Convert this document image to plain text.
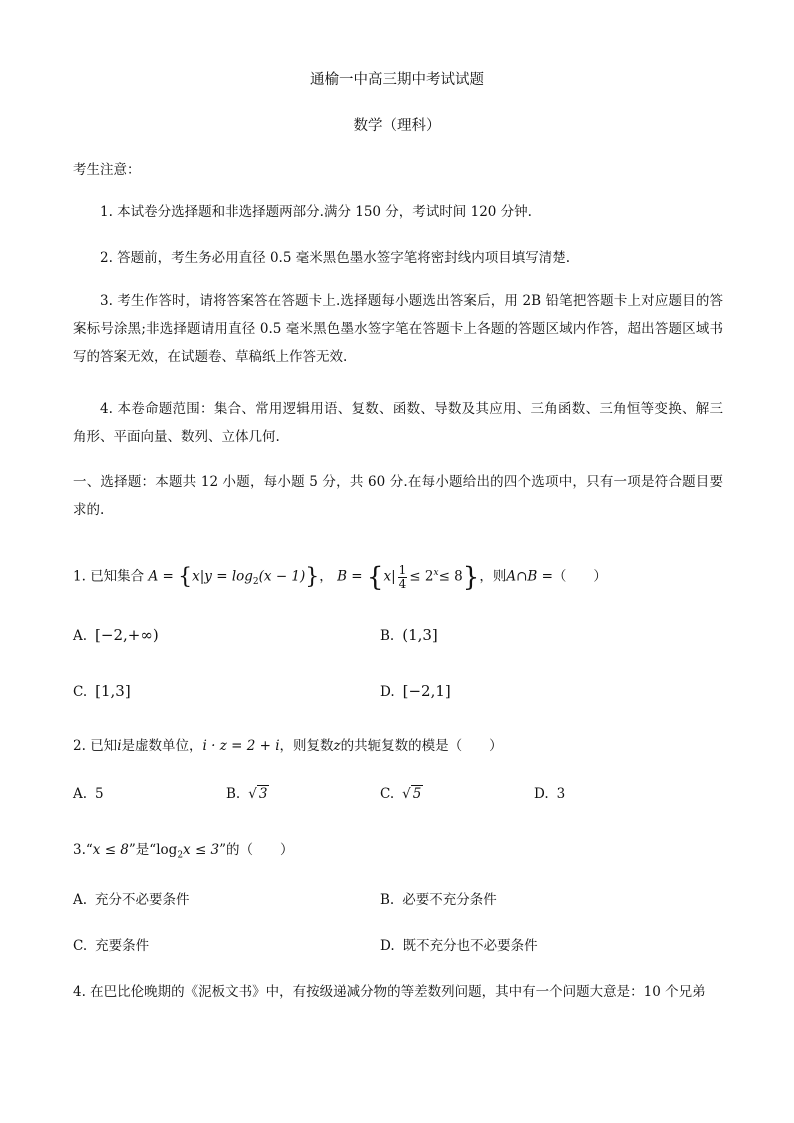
通榆一中高三期中考试试题
数学（理科）
考生注意：
1. 本试卷分选择题和非选择题两部分.满分 150 分，考试时间 120 分钟.
2. 答题前，考生务必用直径 0.5 毫米黑色墨水签字笔将密封线内项目填写清楚.
3. 考生作答时，请将答案答在答题卡上.选择题每小题选出答案后，用 2B 铅笔把答题卡上对应题目的答案标号涂黑;非选择题请用直径 0.5 毫米黑色墨水签字笔在答题卡上各题的答题区域内作答，超出答题区域书写的答案无效，在试题卷、草稿纸上作答无效.
4. 本卷命题范围：集合、常用逻辑用语、复数、函数、导数及其应用、三角函数、三角恒等变换、解三角形、平面向量、数列、立体几何.
一、选择题：本题共 12 小题，每小题 5 分，共 60 分.在每小题给出的四个选项中，只有一项是符合题目要求的.
1. 已知集合 $A = \{x|y = \log_2(x - 1)\}$， $B = \{x| \frac{1}{4} \le 2^x\le 8\}$，则A∩B =（　　）
A. [−2,+∞)	B. (1,3]
C. [1,3]	D. [−2,1]
2. 已知i是虚数单位，i · z = 2 + i，则复数z的共轭复数的模是（　　）
A. 5	B. √ 3	C. √ 5	D. 3
3.“x ≤ 8”是“$\log_2x \le 3$”的（　　）
A. 充分不必要条件	B. 必要不充分条件
C. 充要条件	D. 既不充分也不必要条件
4. 在巴比伦晚期的《泥板文书》中，有按级递减分物的等差数列问题，其中有一个问题大意是：10 个兄弟
